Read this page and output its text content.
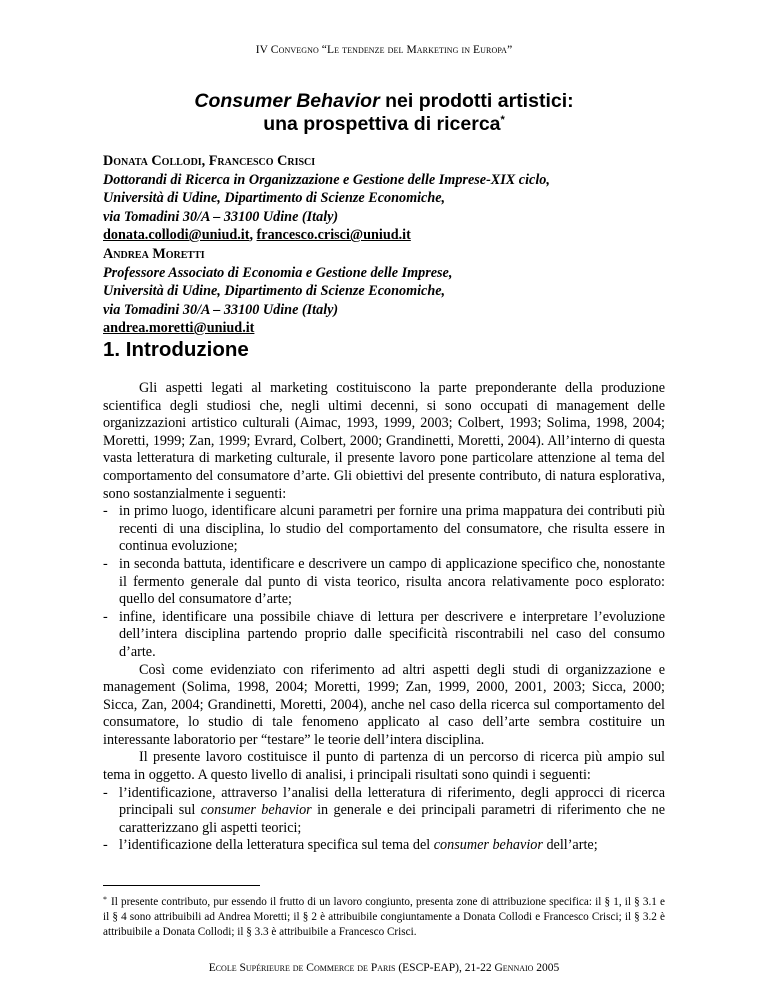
IV Convegno “Le tendenze del Marketing in Europa”
Consumer Behavior nei prodotti artistici:
una prospettiva di ricerca*
Donata Collodi, Francesco Crisci
Dottorandi di Ricerca in Organizzazione e Gestione delle Imprese-XIX ciclo,
Università di Udine, Dipartimento di Scienze Economiche,
via Tomadini 30/A – 33100 Udine (Italy)
donata.collodi@uniud.it, francesco.crisci@uniud.it
Andrea Moretti
Professore Associato di Economia e Gestione delle Imprese,
Università di Udine, Dipartimento di Scienze Economiche,
via Tomadini 30/A – 33100 Udine (Italy)
andrea.moretti@uniud.it
1. Introduzione

Gli aspetti legati al marketing costituiscono la parte preponderante della produzione scientifica degli studiosi che, negli ultimi decenni, si sono occupati di management delle organizzazioni artistico culturali (Aimac, 1993, 1999, 2003; Colbert, 1993; Solima, 1998, 2004; Moretti, 1999; Zan, 1999; Evrard, Colbert, 2000; Grandinetti, Moretti, 2004). All’interno di questa vasta letteratura di marketing culturale, il presente lavoro pone particolare attenzione al tema del comportamento del consumatore d’arte. Gli obiettivi del presente contributo, di natura esplorativa, sono sostanzialmente i seguenti:

- in primo luogo, identificare alcuni parametri per fornire una prima mappatura dei contributi più recenti di una disciplina, lo studio del comportamento del consumatore, che risulta essere in continua evoluzione;
- in seconda battuta, identificare e descrivere un campo di applicazione specifico che, nonostante il fermento generale dal punto di vista teorico, risulta ancora relativamente poco esplorato: quello del consumatore d’arte;
- infine, identificare una possibile chiave di lettura per descrivere e interpretare l’evoluzione dell’intera disciplina partendo proprio dalle specificità riscontrabili nel caso del consumo d’arte.

Così come evidenziato con riferimento ad altri aspetti degli studi di organizzazione e management (Solima, 1998, 2004; Moretti, 1999; Zan, 1999, 2000, 2001, 2003; Sicca, 2000; Sicca, Zan, 2004; Grandinetti, Moretti, 2004), anche nel caso della ricerca sul comportamento del consumatore, lo studio di tale fenomeno applicato al caso dell’arte sembra costituire un interessante laboratorio per “testare” le teorie dell’intera disciplina.

Il presente lavoro costituisce il punto di partenza di un percorso di ricerca più ampio sul tema in oggetto. A questo livello di analisi, i principali risultati sono quindi i seguenti:

- l’identificazione, attraverso l’analisi della letteratura di riferimento, degli approcci di ricerca principali sul consumer behavior in generale e dei principali parametri di riferimento che ne caratterizzano gli aspetti teorici;
- l’identificazione della letteratura specifica sul tema del consumer behavior dell’arte;
* Il presente contributo, pur essendo il frutto di un lavoro congiunto, presenta zone di attribuzione specifica: il § 1, il § 3.1 e il § 4 sono attribuibili ad Andrea Moretti; il § 2 è attribuibile congiuntamente a Donata Collodi e Francesco Crisci; il § 3.2 è attribuibile a Donata Collodi; il § 3.3 è attribuibile a Francesco Crisci.
Ecole Supérieure de Commerce de Paris (ESCP-EAP), 21-22 Gennaio 2005
